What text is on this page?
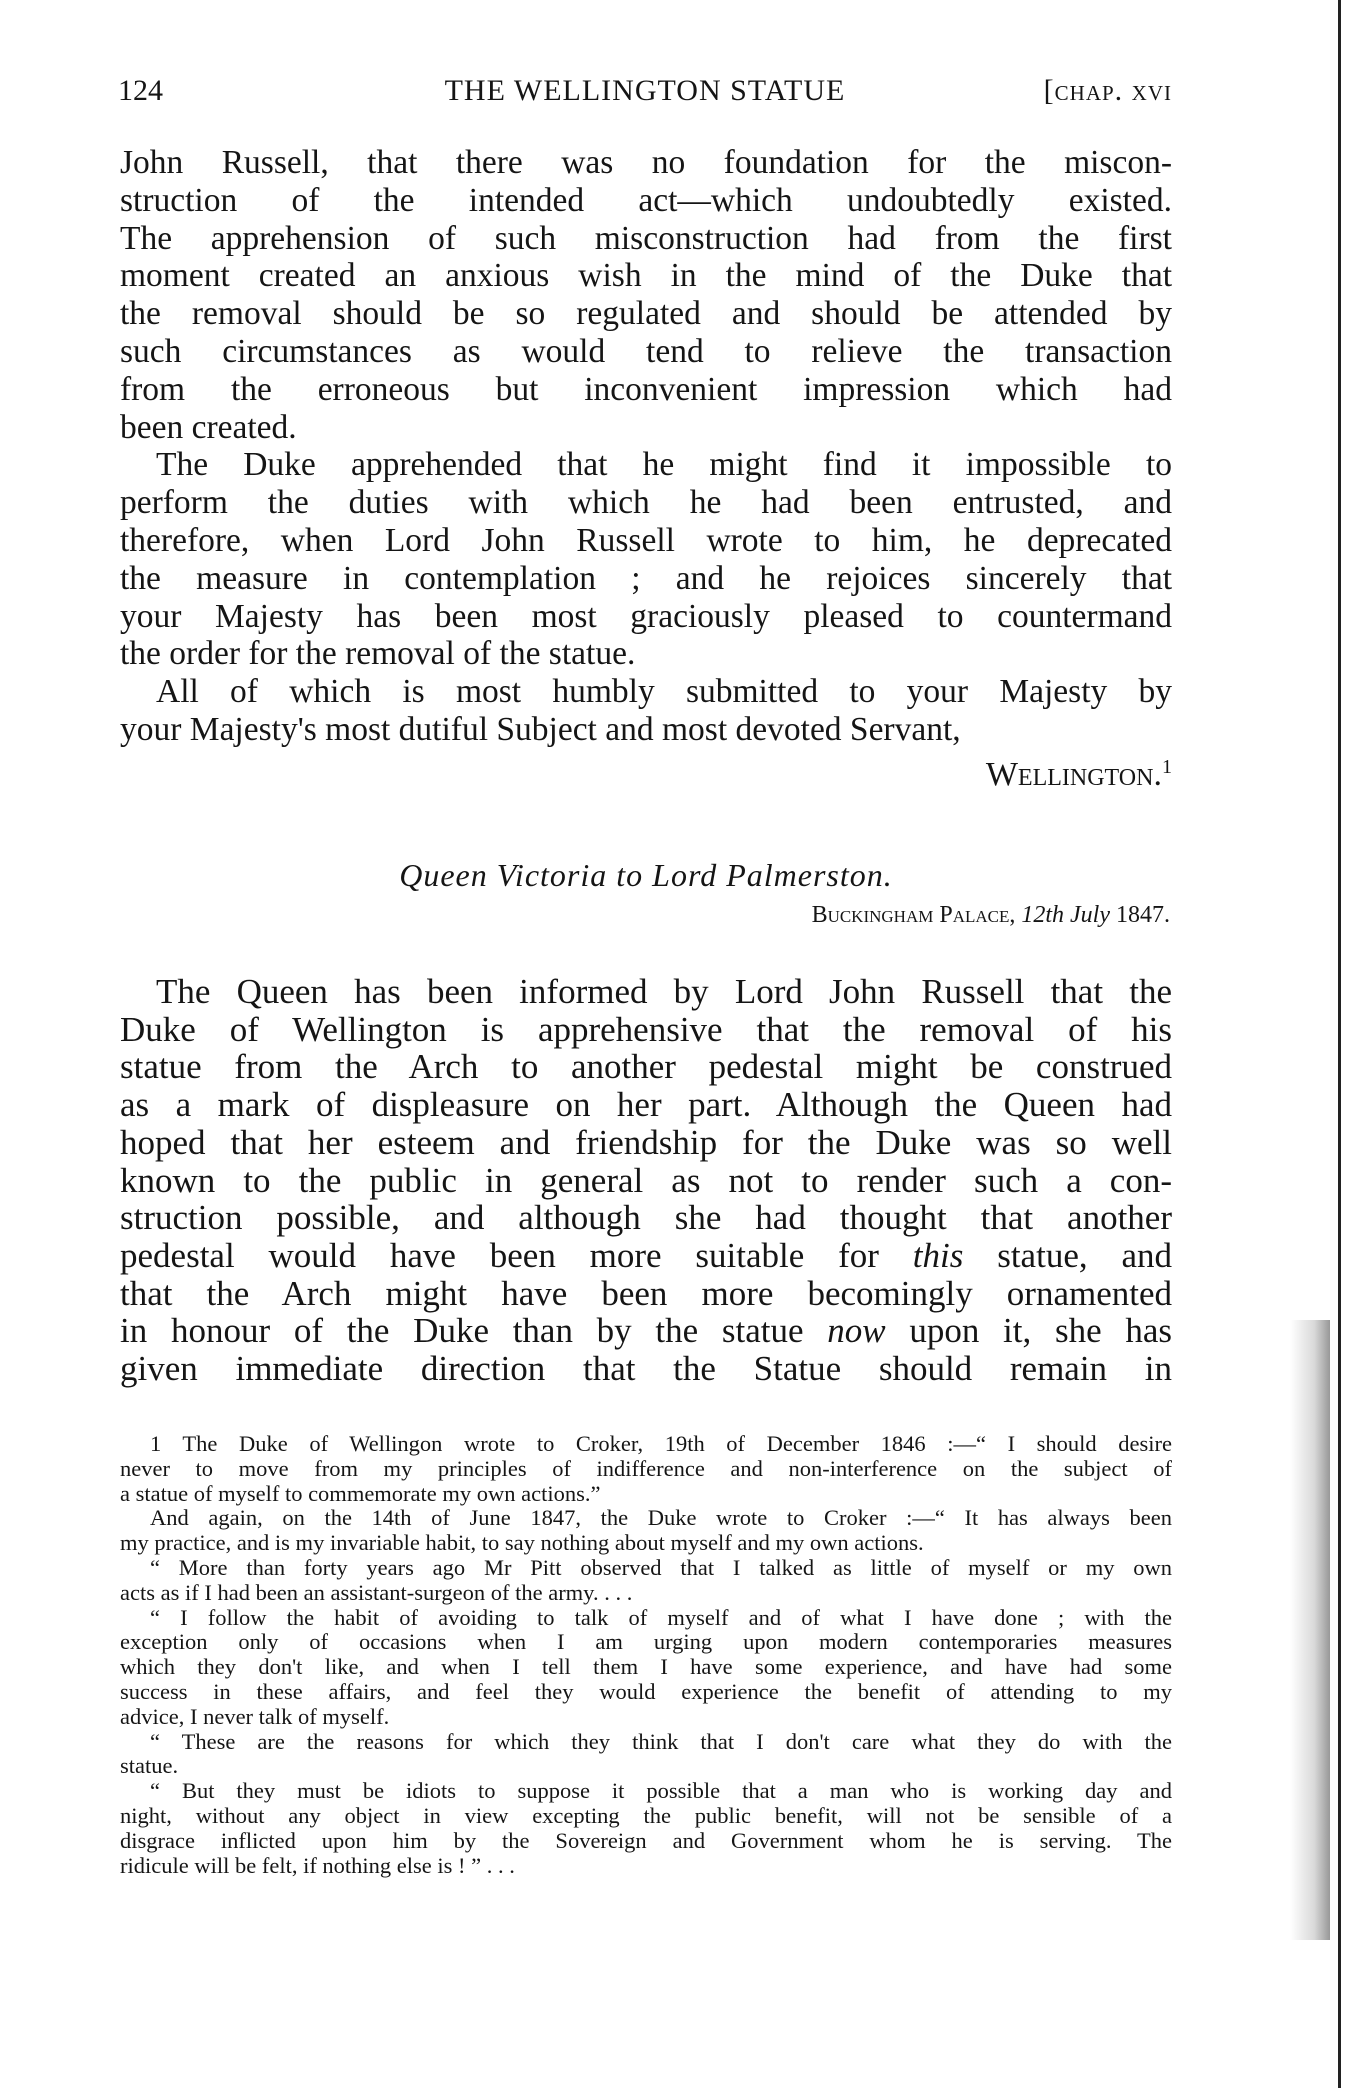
124	THE WELLINGTON STATUE	[chap. xvi
John Russell, that there was no foundation for the miscon-
struction of the intended act—which undoubtedly existed.
The apprehension of such misconstruction had from the first
moment created an anxious wish in the mind of the Duke that
the removal should be so regulated and should be attended by
such circumstances as would tend to relieve the transaction
from the erroneous but inconvenient impression which had
been created.
The Duke apprehended that he might find it impossible to
perform the duties with which he had been entrusted, and
therefore, when Lord John Russell wrote to him, he deprecated
the measure in contemplation ; and he rejoices sincerely that
your Majesty has been most graciously pleased to countermand
the order for the removal of the statue.
All of which is most humbly submitted to your Majesty by
your Majesty's most dutiful Subject and most devoted Servant,
Wellington.$^1$
Queen Victoria to Lord Palmerston.
Buckingham Palace, 12th July 1847.
The Queen has been informed by Lord John Russell that the
Duke of Wellington is apprehensive that the removal of his
statue from the Arch to another pedestal might be construed
as a mark of displeasure on her part. Although the Queen had
hoped that her esteem and friendship for the Duke was so well
known to the public in general as not to render such a con-
struction possible, and although she had thought that another
pedestal would have been more suitable for this statue, and
that the Arch might have been more becomingly ornamented
in honour of the Duke than by the statue now upon it, she has
given immediate direction that the Statue should remain in
1 The Duke of Wellingon wrote to Croker, 19th of December 1846 :—“ I should desire
never to move from my principles of indifference and non-interference on the subject of
a statue of myself to commemorate my own actions.”
And again, on the 14th of June 1847, the Duke wrote to Croker :—“ It has always been
my practice, and is my invariable habit, to say nothing about myself and my own actions.
“ More than forty years ago Mr Pitt observed that I talked as little of myself or my own
acts as if I had been an assistant-surgeon of the army. . . .
“ I follow the habit of avoiding to talk of myself and of what I have done ; with the
exception only of occasions when I am urging upon modern contemporaries measures
which they don't like, and when I tell them I have some experience, and have had some
success in these affairs, and feel they would experience the benefit of attending to my
advice, I never talk of myself.
“ These are the reasons for which they think that I don't care what they do with the
statue.
“ But they must be idiots to suppose it possible that a man who is working day and
night, without any object in view excepting the public benefit, will not be sensible of a
disgrace inflicted upon him by the Sovereign and Government whom he is serving. The
ridicule will be felt, if nothing else is ! ” . . .
